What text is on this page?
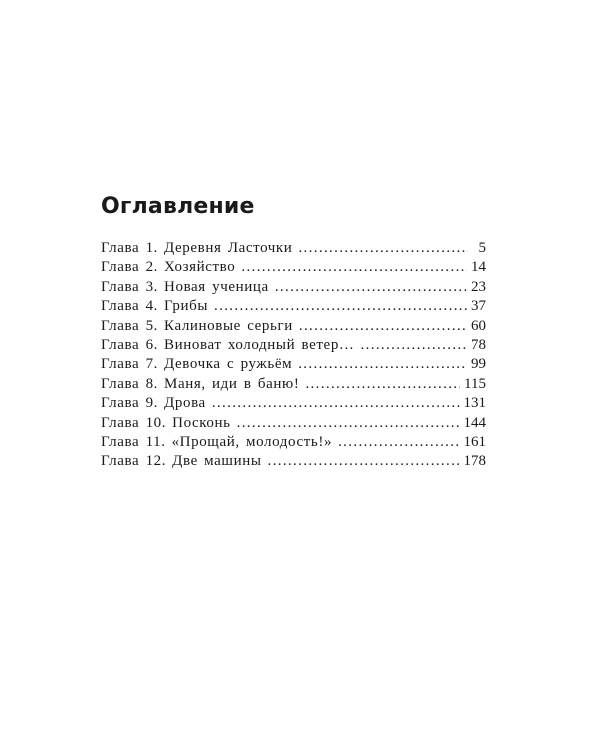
Оглавление
Глава 1. Деревня Ласточки . . .	5
Глава 2. Хозяйство . . .	14
Глава 3. Новая ученица . . .	23
Глава 4. Грибы . . .	37
Глава 5. Калиновые серьги . . .	60
Глава 6. Виноват холодный ветер… . . .	78
Глава 7. Девочка с ружьём . . .	99
Глава 8. Маня, иди в баню! . . .	115
Глава 9. Дрова . . .	131
Глава 10. Посконь . . .	144
Глава 11. «Прощай, молодость!» . . .	161
Глава 12. Две машины . . .	178
